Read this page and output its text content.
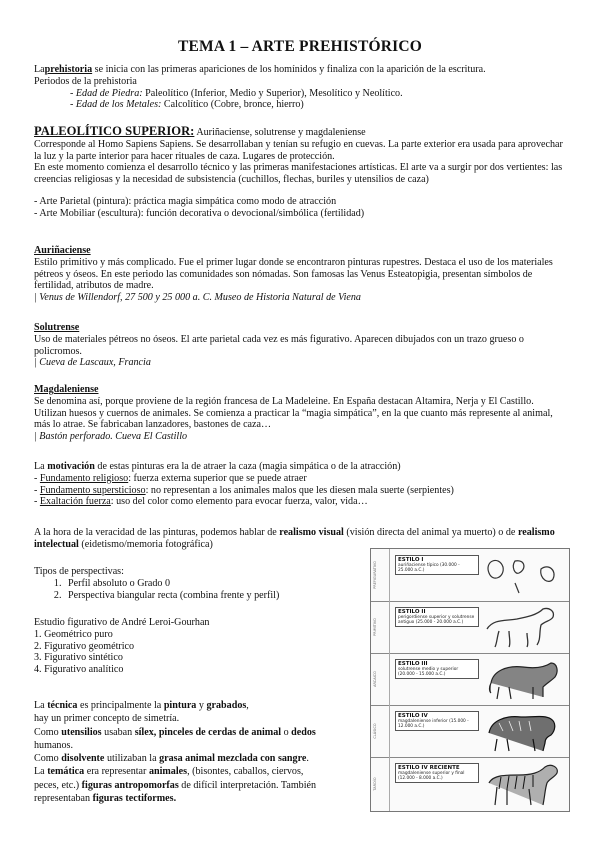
TEMA 1 – ARTE PREHISTÓRICO

Laprehistoria se inicia con las primeras apariciones de los homínidos y finaliza con la aparición de la escritura.

Periodos de la prehistoria

- Edad de Piedra: Paleolítico (Inferior, Medio y Superior), Mesolítico y Neolítico.

- Edad de los Metales: Calcolítico (Cobre, bronce, hierro)

PALEOLÍTICO SUPERIOR: Auriñaciense, solutrense y magdaleniense

Corresponde al Homo Sapiens Sapiens. Se desarrollaban y tenían su refugio en cuevas. La parte exterior era usada para aprovechar la luz y la parte interior para hacer rituales de caza. Lugares de protección.

En este momento comienza el desarrollo técnico y las primeras manifestaciones artísticas. El arte va a surgir por dos vertientes: las creencias religiosas y la necesidad de subsistencia (cuchillos, flechas, buriles y utensilios de caza)

- Arte Parietal (pintura): práctica magia simpática como modo de atracción

- Arte Mobiliar (escultura): función decorativa o devocional/simbólica (fertilidad)

Auriñaciense

Estilo primitivo y más complicado. Fue el primer lugar donde se encontraron pinturas rupestres. Destaca el uso de los materiales pétreos y óseos. En este periodo las comunidades son nómadas. Son famosas las Venus Esteatopigia, presentan símbolos de fertilidad, atributos de madre.

| Venus de Willendorf, 27 500 y 25 000 a. C. Museo de Historia Natural de Viena

Solutrense

Uso de materiales pétreos no óseos. El arte parietal cada vez es más figurativo. Aparecen dibujados con un trazo grueso o policromos.

| Cueva de Lascaux, Francia

Magdaleniense

Se denomina así, porque proviene de la región francesa de La Madeleine. En España destacan Altamira, Nerja y El Castillo. Utilizan huesos y cuernos de animales. Se comienza a practicar la “magia simpática”, en la que cuanto más represente al animal, más lo atrae. Se fabricaban lanzadores, bastones de caza…

| Bastón perforado. Cueva El Castillo

La motivación de estas pinturas era la de atraer la caza (magia simpática o de la atracción)

- Fundamento religioso: fuerza externa superior que se puede atraer

- Fundamento supersticioso: no representan a los animales malos que les diesen mala suerte (serpientes)

- Exaltación fuerza: uso del color como elemento para evocar fuerza, valor, vida…

A la hora de la veracidad de las pinturas, podemos hablar de realismo visual (visión directa del animal ya muerto) o de realismo intelectual (eidetismo/memoria fotográfica)

Tipos de perspectivas:

1. Perfil absoluto o Grado 0
2. Perspectiva biangular recta (combina frente y perfil)

Estudio figurativo de André Leroi-Gourhan

1. Geométrico puro

2. Figurativo geométrico

3. Figurativo sintético

4. Figurativo analítico

La técnica es principalmente la pintura y grabados,

hay un primer concepto de simetría.

Como utensilios usaban sílex, pinceles de cerdas de animal o dedos

humanos.

Como disolvente utilizaban la grasa animal mezclada con sangre.

La temática era representar animales, (bisontes, caballos, ciervos,

peces, etc.) figuras antropomorfas de difícil interpretación. También

representaban figuras tectiformes.

PREFIGURATIVO
ESTILO I
auriñaciense típico (30.000 - 25.000 a.C.)
PRIMITIVO
ESTILO II
perigordiense superior y solutrense antiguo (25.000 - 20.000 a.C.)
ARCAICO
ESTILO III
solutrense medio y superior (20.000 - 15.000 a.C.)
CLÁSICO
ESTILO IV
magdaleniense inferior (15.000 - 12.000 a.C.)
TARDÍO
ESTILO IV RECIENTE
magdaleniense superior y final (12.000 - 8.000 a.C.)
